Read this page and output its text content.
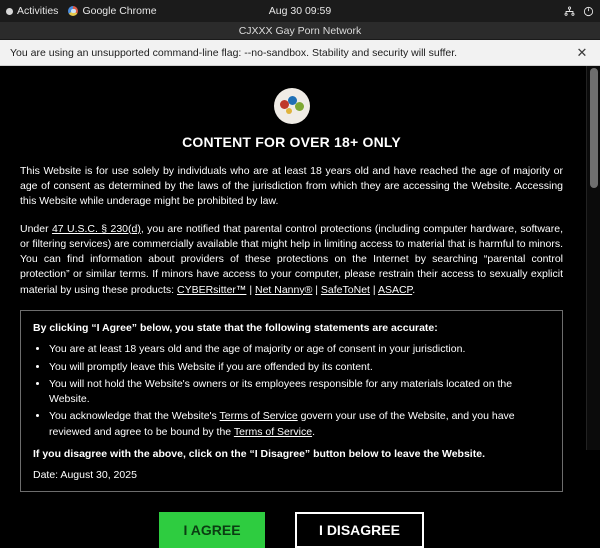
Activities Google Chrome	Aug 30 09:59
CJXXX Gay Porn Network
You are using an unsupported command-line flag: --no-sandbox. Stability and security will suffer.	✕
CONTENT FOR OVER 18+ ONLY

This Website is for use solely by individuals who are at least 18 years old and have reached the age of majority or age of consent as determined by the laws of the jurisdiction from which they are accessing the Website. Accessing this Website while underage might be prohibited by law.

Under 47 U.S.C. § 230(d), you are notified that parental control protections (including computer hardware, software, or filtering services) are commercially available that might help in limiting access to material that is harmful to minors. You can find information about providers of these protections on the Internet by searching “parental control protection” or similar terms. If minors have access to your computer, please restrain their access to sexually explicit material by using these products: CYBERsitter™ | Net Nanny® | SafeToNet | ASACP.

By clicking “I Agree” below, you state that the following statements are accurate:
• You are at least 18 years old and the age of majority or age of consent in your jurisdiction.
• You will promptly leave this Website if you are offended by its content.
• You will not hold the Website's owners or its employees responsible for any materials located on the Website.
• You acknowledge that the Website's Terms of Service govern your use of the Website, and you have reviewed and agree to be bound by the Terms of Service.
If you disagree with the above, click on the “I Disagree” button below to leave the Website.
Date: August 30, 2025
I AGREE	I DISAGREE
